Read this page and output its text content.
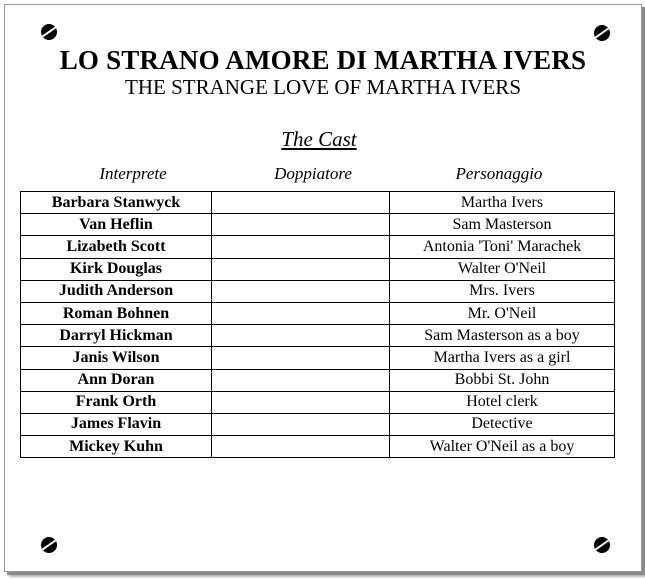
LO STRANO AMORE DI MARTHA IVERS
THE STRANGE LOVE OF MARTHA IVERS
The Cast
Interprete	Doppiatore	Personaggio
Barbara Stanwyck		Martha Ivers
Van Heflin		Sam Masterson
Lizabeth Scott		Antonia 'Toni' Marachek
Kirk Douglas		Walter O'Neil
Judith Anderson		Mrs. Ivers
Roman Bohnen		Mr. O'Neil
Darryl Hickman		Sam Masterson as a boy
Janis Wilson		Martha Ivers as a girl
Ann Doran		Bobbi St. John
Frank Orth		Hotel clerk
James Flavin		Detective
Mickey Kuhn		Walter O'Neil as a boy
